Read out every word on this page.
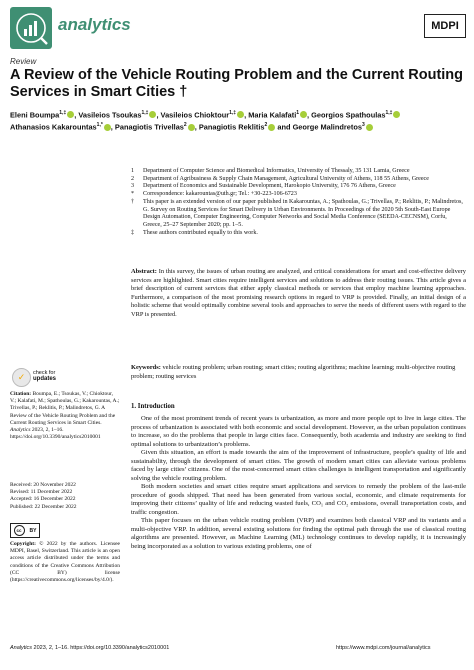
analytics	MDPI
Review
A Review of the Vehicle Routing Problem and the Current Routing Services in Smart Cities †
Eleni Boumpa$^{1,\ddagger}$ , Vasileios Tsoukas$^{1,\ddagger}$ , Vasileios Chioktour$^{1,\ddagger}$ , Maria Kalafati$^1$ , Georgios Spathoulas$^{1,\ddagger}$
Athanasios Kakarountas$^{1,*}$ , Panagiotis Trivellas$^2$ , Panagiotis Reklitis$^2$ and George Malindretos$^3$
1	Department of Computer Science and Biomedical Informatics, University of Thessaly, 35 131 Lamia, Greece
2	Department of Agribusiness & Supply Chain Management, Agricultural University of Athens, 118 55 Athens, Greece
3	Department of Economics and Sustainable Development, Harokopio University, 176 76 Athens, Greece
*	Correspondence: kakarountas@uth.gr; Tel.: +30-223-106-6723
†	This paper is an extended version of our paper published in Kakarountas, A.; Spathoulas, G.; Trivellas, P.; Reklitis, P.; Malindretos, G. Survey on Routing Services for Smart Delivery in Urban Environments. In Proceedings of the 2020 5th South-East Europe Design Automation, Computer Engineering, Computer Networks and Social Media Conference (SEEDA-CECNSM), Corfu, Greece, 25–27 September 2020; pp. 1–5.
‡	These authors contributed equally to this work.
Abstract: In this survey, the issues of urban routing are analyzed, and critical considerations for smart and cost-effective delivery services are highlighted. Smart cities require intelligent services and solutions to address their routing issues. This article gives a brief description of current services that either apply classical methods or services that employ machine learning approaches. Furthermore, a comparison of the most promising research options in regard to VRP is provided. Finally, an initial design of a holistic scheme that would optimally combine several tools and approaches to serve the needs of different users with regard to the VRP is presented.
Keywords: vehicle routing problem; urban routing; smart cities; routing algorithms; machine learning; multi-objective routing problem; routing services
✓	check for
updates
Citation: Boumpa, E.; Tsoukas, V.; Chioktour, V.; Kalafati, M.; Spathoulas, G.; Kakarountas, A.; Trivellas, P.; Reklitis, P.; Malindretos, G. A Review of the Vehicle Routing Problem and the Current Routing Services in Smart Cities. Analytics 2023, 2, 1–16. https://doi.org/10.3390/analytics2010001
Received: 20 November 2022
Revised: 11 December 2022
Accepted: 16 December 2022
Published: 22 December 2022
cc	BY
Copyright: © 2022 by the authors. Licensee MDPI, Basel, Switzerland. This article is an open access article distributed under the terms and conditions of the Creative Commons Attribution (CC BY) license (https://creativecommons.org/licenses/by/4.0/).
1. Introduction

One of the most prominent trends of recent years is urbanization, as more and more people opt to live in large cities. The process of urbanization is associated with both economic and social development. However, as the urban population continues to increase, so do the problems that people in large cities face. Consequently, both academia and industry are seeking to find optimal solutions to urbanization’s problems.

Given this situation, an effort is made towards the aim of the improvement of infrastructure, people’s quality of life and sustainability, through the development of smart cities. The growth of modern smart cities can alleviate various problems faced by large cities’ citizens. One of the most-concerned smart cities challenges is intelligent transportation and significantly solving the vehicle routing problem.

Both modern societies and smart cities require smart applications and services to remedy the problem of the last-mile procedure of goods shipped. That need has been generated from various social, economic, and climate requirements for improving their citizens’ quality of life and reducing wasted fuels, CO₁ and CO₂ emissions, overall transportation costs, and traffic congestion.

This paper focuses on the urban vehicle routing problem (VRP) and examines both classical VRP and its variants and a multi-objective VRP. In addition, several existing solutions for finding the optimal path through the use of classical routing algorithms are presented. However, as Machine Learning (ML) technology continues to develop rapidly, it is increasingly being incorporated as a solution to various existing problems, one of

Analytics 2023, 2, 1–16. https://doi.org/10.3390/analytics2010001	https://www.mdpi.com/journal/analytics
